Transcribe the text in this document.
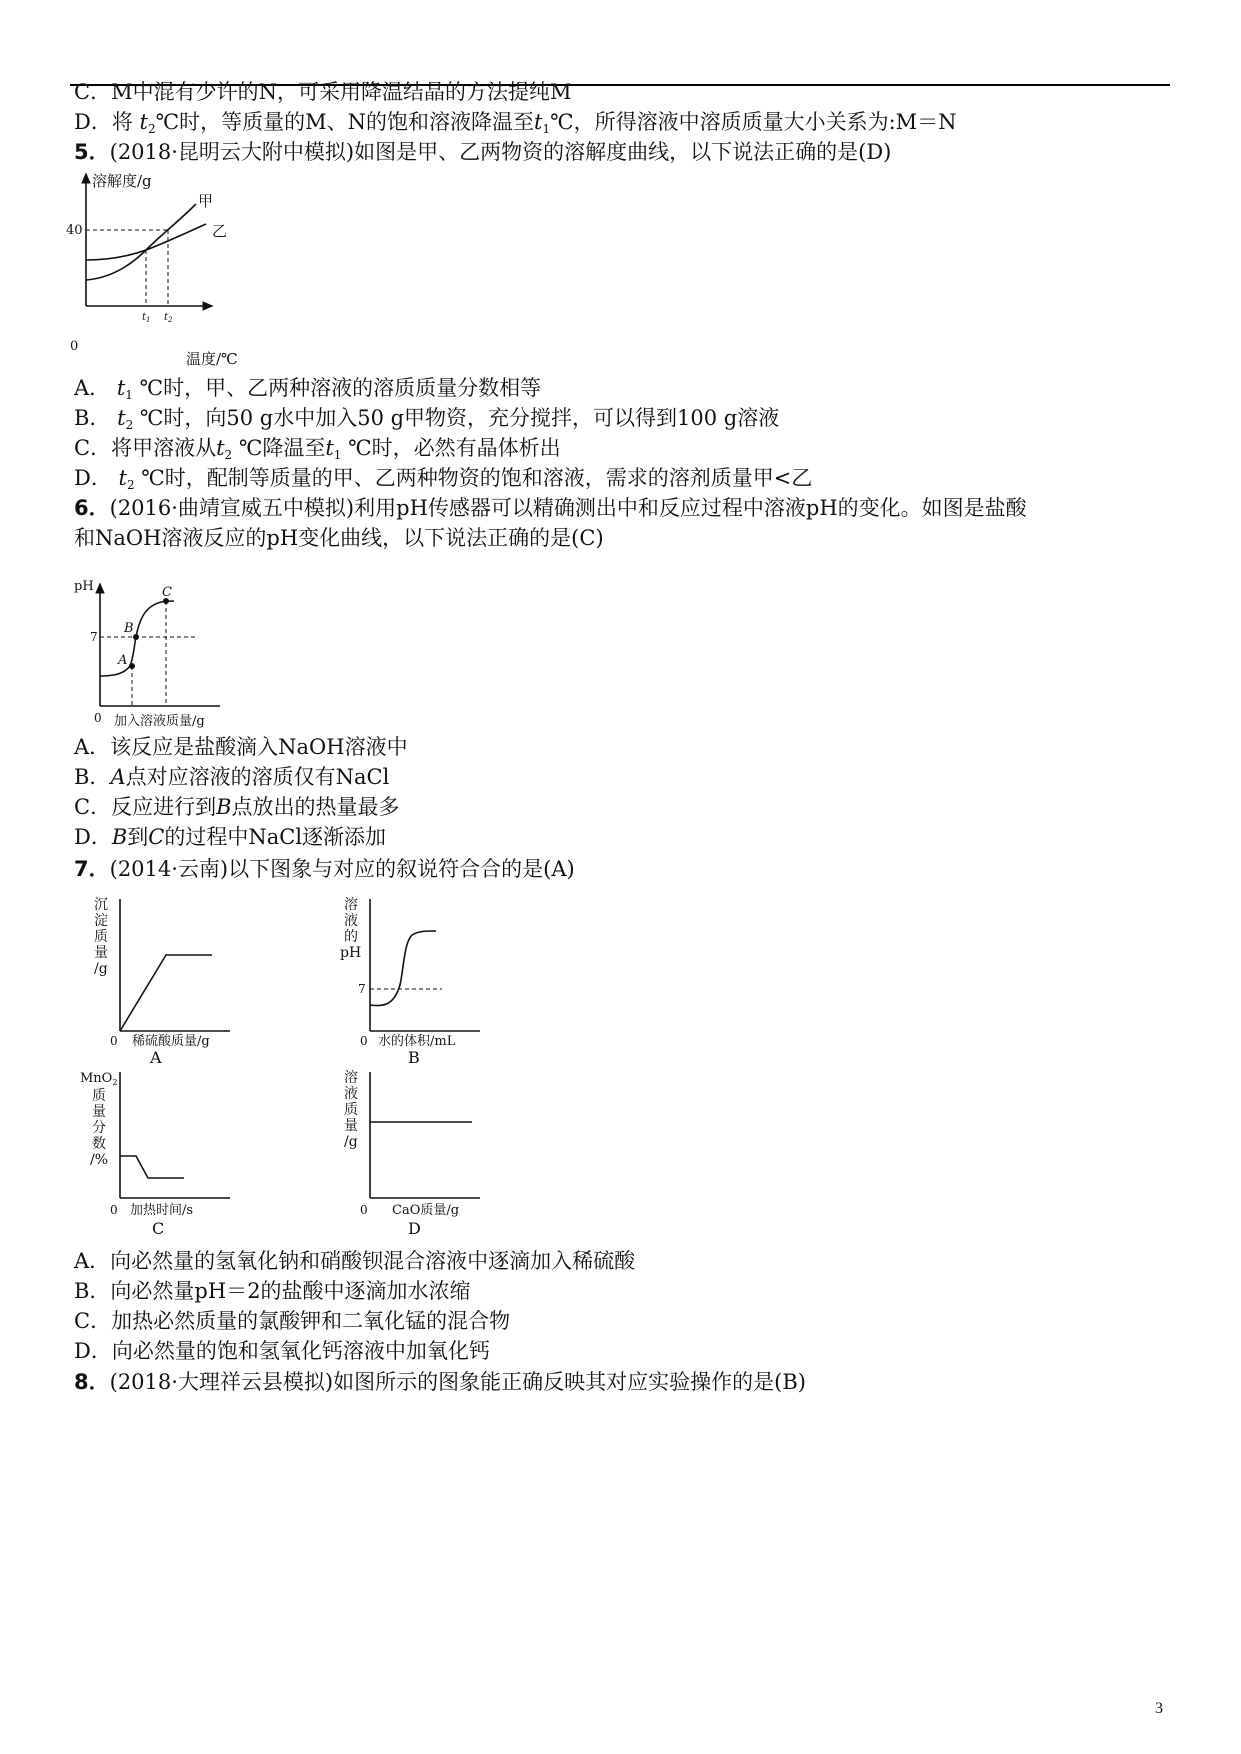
C．M中混有少许的N，可采用降温结晶的方法提纯M
D．将 $t_2℃$时，等质量的M、N的饱和溶液降温至$t_1℃$，所得溶液中溶质质量大小关系为:M＝N
5．(2018·昆明云大附中模拟)如图是甲、乙两物资的溶解度曲线，以下说法正确的是(D)
溶解度/g
温度/℃
0
40
甲
乙
$t_1$ $t_2$
A． $t_1$ ℃时，甲、乙两种溶液的溶质质量分数相等
B． $t_2$ ℃时，向50 g水中加入50 g甲物资，充分搅拌，可以得到100 g溶液
C．将甲溶液从$t_2$ ℃降温至$t_1$ ℃时，必然有晶体析出
D． $t_2$ ℃时，配制等质量的甲、乙两种物资的饱和溶液，需求的溶剂质量甲<乙
6．(2016·曲靖宣威五中模拟)利用pH传感器可以精确测出中和反应过程中溶液pH的变化。如图是盐酸
和NaOH溶液反应的pH变化曲线，以下说法正确的是(C)
pH
加入溶液质量/g
0
7
A
B
C
A．该反应是盐酸滴入NaOH溶液中
B．A点对应溶液的溶质仅有NaCl
C．反应进行到B点放出的热量最多
D．B到C的过程中NaCl逐渐添加
7．(2014·云南)以下图象与对应的叙说符合合的是(A)
沉
淀
质
量
/g
0 稀硫酸质量/g
A
溶
液
的
pH
0
7
水的体积/mL
B
MnO$_2$
质
量
分
数
/%
0 加热时间/s
C
溶
液
质
量
/g
0 CaO质量/g
D
A．向必然量的氢氧化钠和硝酸钡混合溶液中逐滴加入稀硫酸
B．向必然量pH＝2的盐酸中逐滴加水浓缩
C．加热必然质量的氯酸钾和二氧化锰的混合物
D．向必然量的饱和氢氧化钙溶液中加氧化钙
8．(2018·大理祥云县模拟)如图所示的图象能正确反映其对应实验操作的是(B)
3
